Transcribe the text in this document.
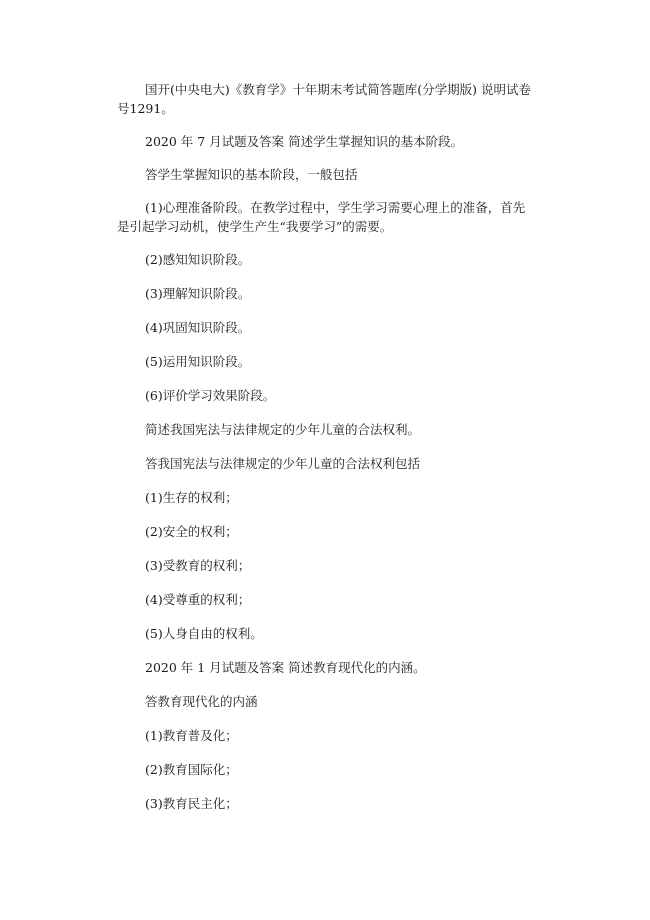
国开(中央电大)《教育学》十年期末考试简答题库(分学期版) 说明试卷号1291。
2020 年 7 月试题及答案 简述学生掌握知识的基本阶段。
答学生掌握知识的基本阶段，一般包括
(1)心理准备阶段。在教学过程中，学生学习需要心理上的准备，首先是引起学习动机，使学生产生“我要学习”的需要。
(2)感知知识阶段。
(3)理解知识阶段。
(4)巩固知识阶段。
(5)运用知识阶段。
(6)评价学习效果阶段。
简述我国宪法与法律规定的少年儿童的合法权利。
答我国宪法与法律规定的少年儿童的合法权利包括
(1)生存的权利；
(2)安全的权利；
(3)受教育的权利；
(4)受尊重的权利；
(5)人身自由的权利。
2020 年 1 月试题及答案 简述教育现代化的内涵。
答教育现代化的内涵
(1)教育普及化；
(2)教育国际化；
(3)教育民主化；
